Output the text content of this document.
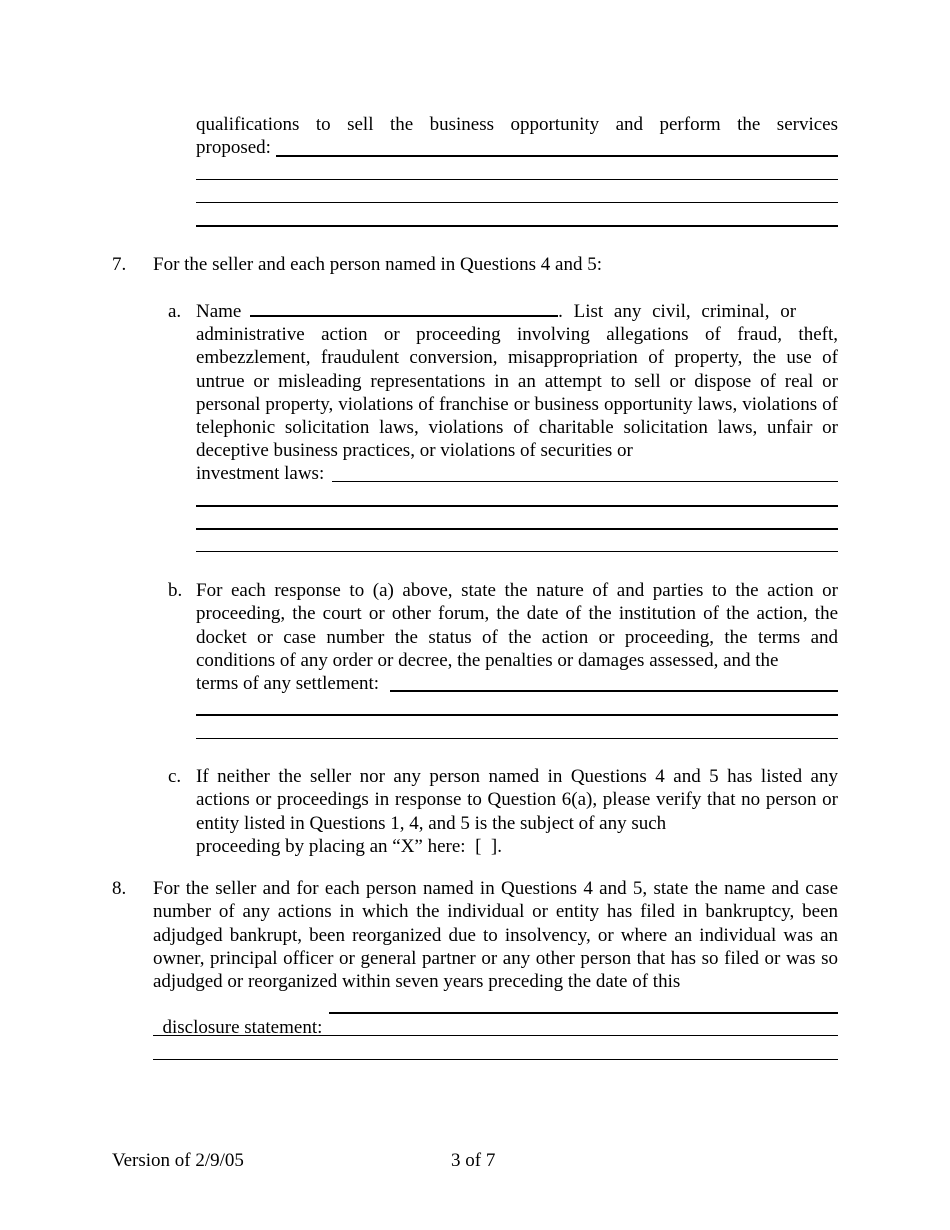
qualifications to sell the business opportunity and perform the services
proposed:
7. For the seller and each person named in Questions 4 and 5:
a. Name	. List any civil, criminal, or
administrative action or proceeding involving allegations of fraud, theft, embezzlement, fraudulent conversion, misappropriation of property, the use of untrue or misleading representations in an attempt to sell or dispose of real or personal property, violations of franchise or business opportunity laws, violations of telephonic solicitation laws, violations of charitable solicitation laws, unfair or deceptive business practices, or violations of securities or
investment laws:
b. For each response to (a) above, state the nature of and parties to the action or proceeding, the court or other forum, the date of the institution of the action, the docket or case number the status of the action or proceeding, the terms and conditions of any order or decree, the penalties or damages assessed, and the
terms of any settlement:
c. If neither the seller nor any person named in Questions 4 and 5 has listed any actions or proceedings in response to Question 6(a), please verify that no person or entity listed in Questions 1, 4, and 5 is the subject of any such
proceeding by placing an “X” here:  [  ].
8. For the seller and for each person named in Questions 4 and 5, state the name and case number of any actions in which the individual or entity has filed in bankruptcy, been adjudged bankrupt, been reorganized due to insolvency, or where an individual was an owner, principal officer or general partner or any other person that has so filed or was so adjudged or reorganized within seven years preceding the date of this

disclosure statement:

Version of 2/9/05	3 of 7
